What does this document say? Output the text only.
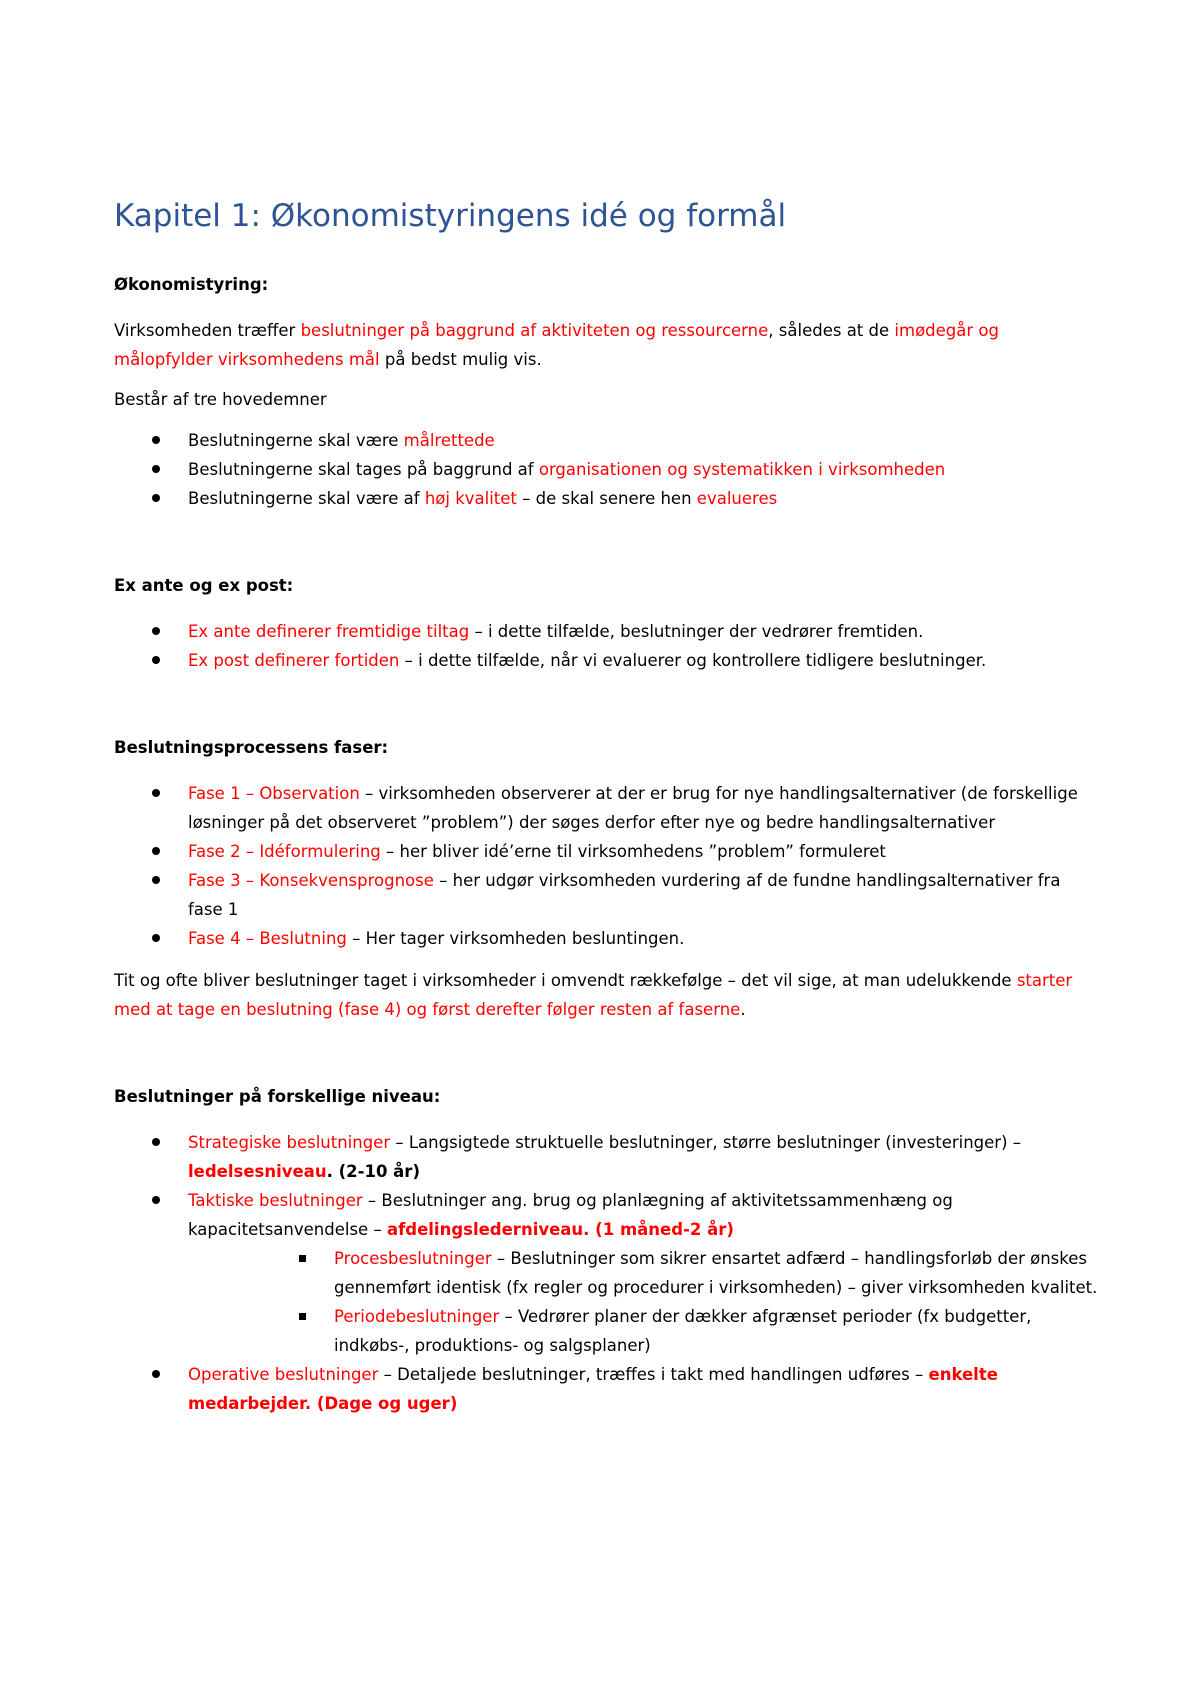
Kapitel 1: Økonomistyringens idé og formål
Økonomistyring:

Virksomheden træffer beslutninger på baggrund af aktiviteten og ressourcerne, således at de imødegår og målopfylder virksomhedens mål på bedst mulig vis.

Består af tre hovedemner

Beslutningerne skal være målrettede
Beslutningerne skal tages på baggrund af organisationen og systematikken i virksomheden
Beslutningerne skal være af høj kvalitet – de skal senere hen evalueres
Ex ante og ex post:
Ex ante definerer fremtidige tiltag – i dette tilfælde, beslutninger der vedrører fremtiden.
Ex post definerer fortiden – i dette tilfælde, når vi evaluerer og kontrollere tidligere beslutninger.
Beslutningsprocessens faser:
Fase 1 – Observation – virksomheden observerer at der er brug for nye handlingsalternativer (de forskellige løsninger på det observeret ”problem”) der søges derfor efter nye og bedre handlingsalternativer
Fase 2 – Idéformulering – her bliver idé’erne til virksomhedens ”problem” formuleret
Fase 3 – Konsekvensprognose – her udgør virksomheden vurdering af de fundne handlingsalternativer fra fase 1
Fase 4 – Beslutning – Her tager virksomheden besluntingen.

Tit og ofte bliver beslutninger taget i virksomheder i omvendt rækkefølge – det vil sige, at man udelukkende starter med at tage en beslutning (fase 4) og først derefter følger resten af faserne.

Beslutninger på forskellige niveau:
Strategiske beslutninger – Langsigtede struktuelle beslutninger, større beslutninger (investeringer) – ledelsesniveau. (2-10 år)
Taktiske beslutninger – Beslutninger ang. brug og planlægning af aktivitetssammenhæng og kapacitetsanvendelse – afdelingslederniveau. (1 måned-2 år)
Procesbeslutninger – Beslutninger som sikrer ensartet adfærd – handlingsforløb der ønskes gennemført identisk (fx regler og procedurer i virksomheden) – giver virksomheden kvalitet.
Periodebeslutninger – Vedrører planer der dækker afgrænset perioder (fx budgetter, indkøbs-, produktions- og salgsplaner)
Operative beslutninger – Detaljede beslutninger, træffes i takt med handlingen udføres – enkelte medarbejder. (Dage og uger)
